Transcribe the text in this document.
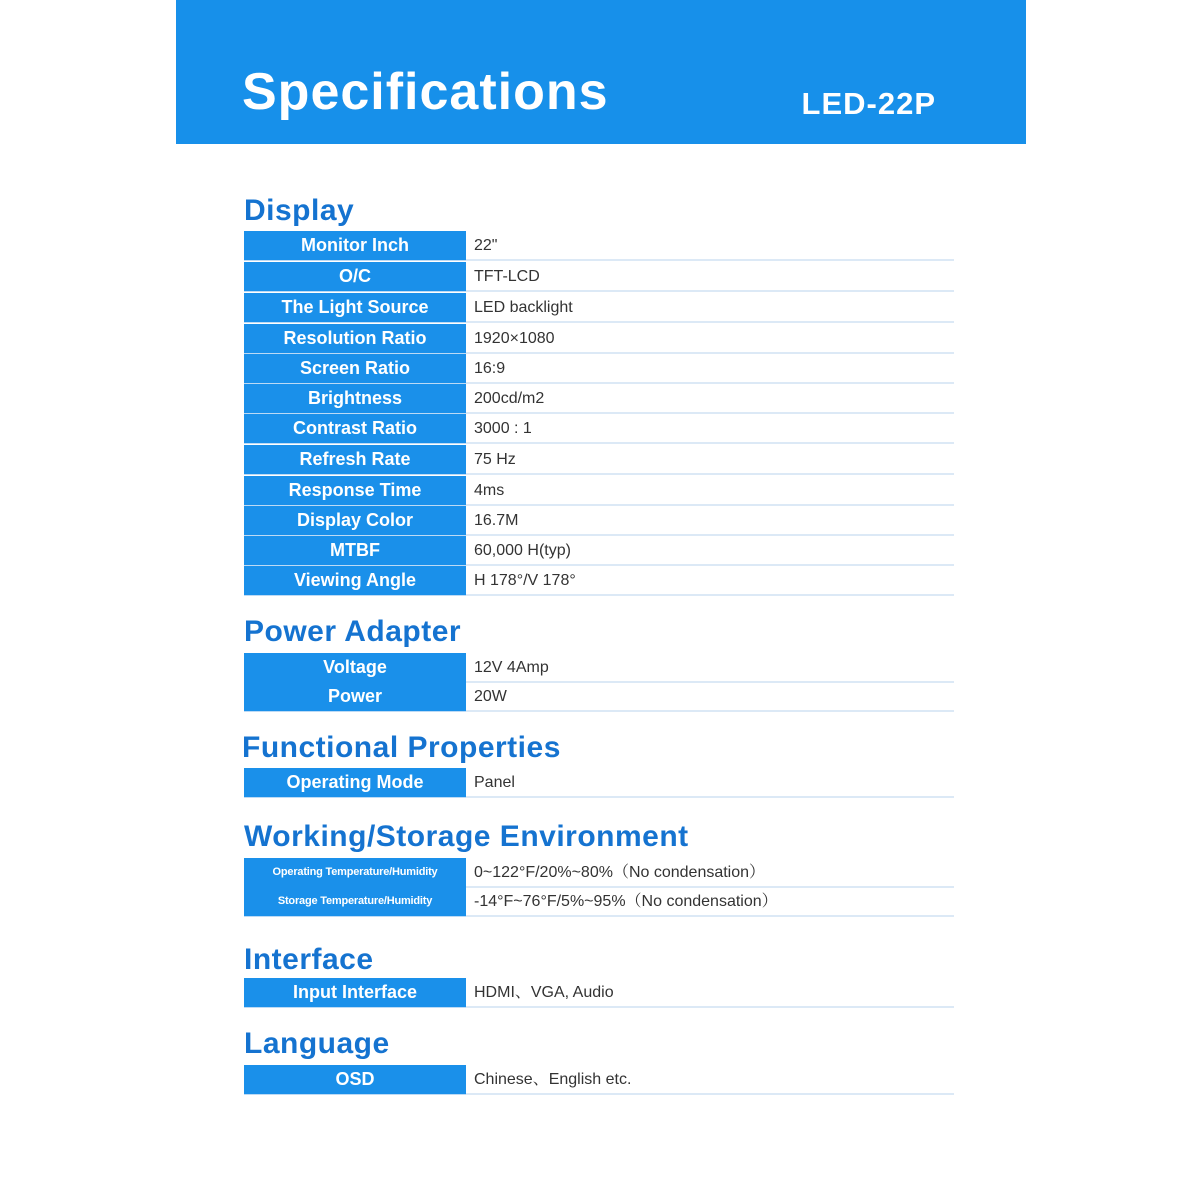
Specifications	LED-22P
Display
Monitor Inch	22"
O/C	TFT-LCD
The Light Source	LED backlight
Resolution Ratio	1920×1080
Screen Ratio	16:9
Brightness	200cd/m2
Contrast Ratio	3000 : 1
Refresh Rate	75 Hz
Response Time	4ms
Display Color	16.7M
MTBF	60,000 H(typ)
Viewing Angle	H 178°/V 178°
Power Adapter
Voltage	12V 4Amp
Power	20W
Functional Properties
Operating Mode	Panel
Working/Storage Environment
Operating Temperature/Humidity	0~122°F/20%~80%（No condensation）
Storage Temperature/Humidity	-14°F~76°F/5%~95%（No condensation）
Interface
Input Interface	HDMI、VGA, Audio
Language
OSD	Chinese、English etc.
